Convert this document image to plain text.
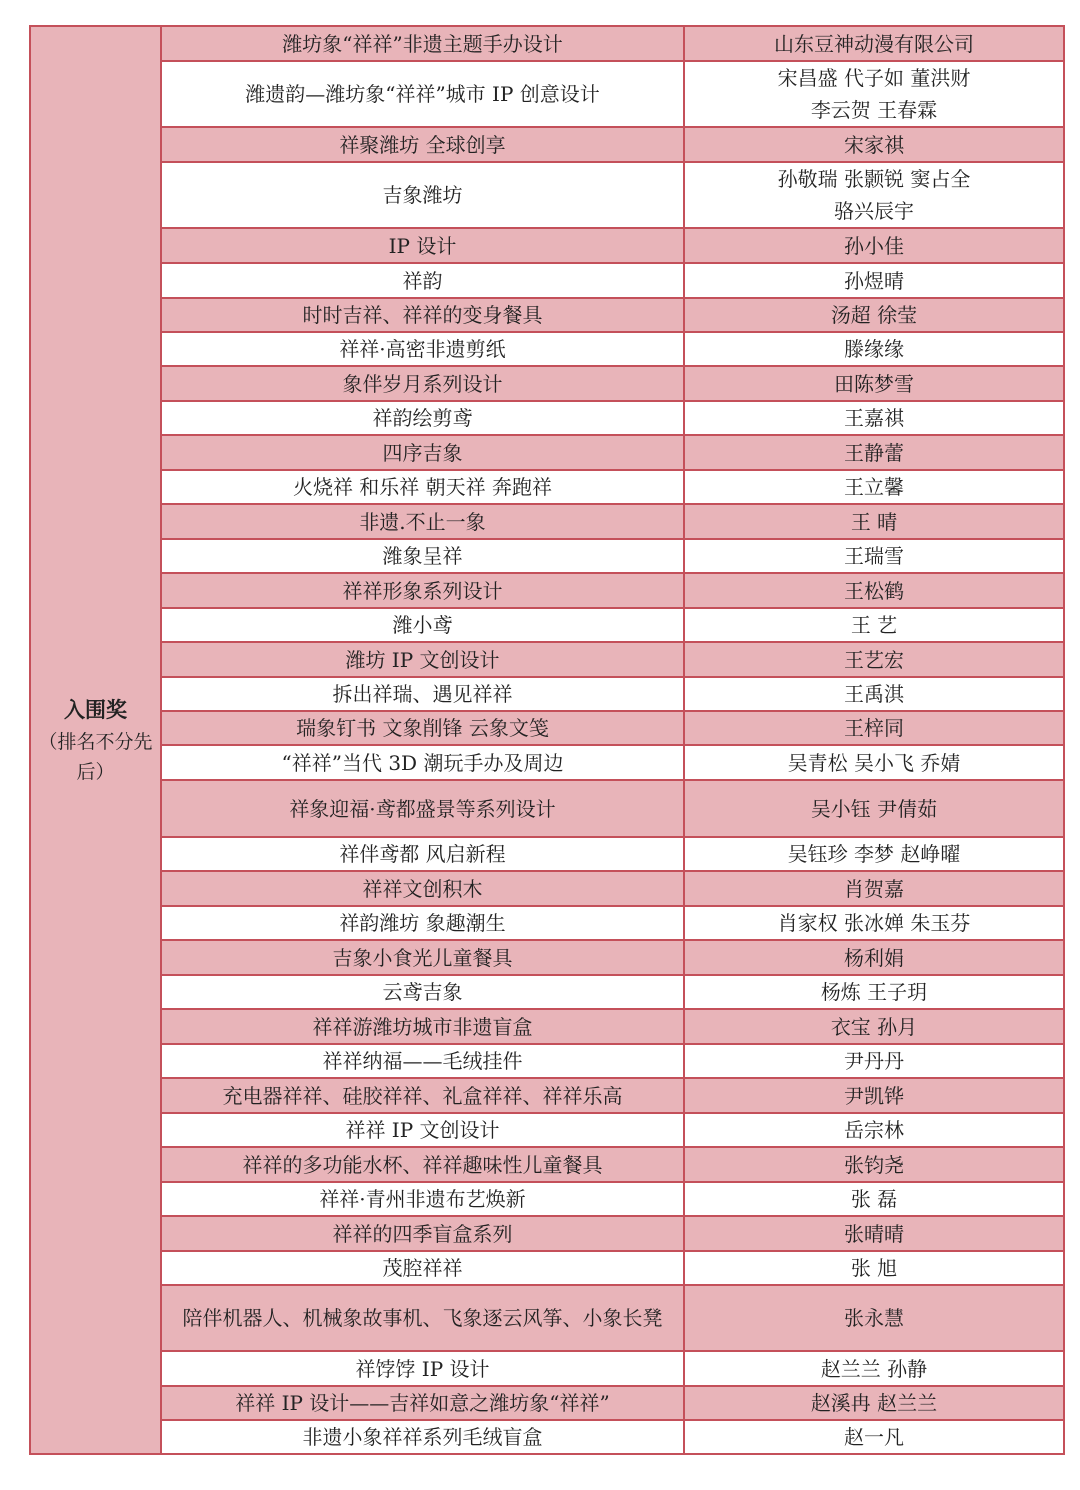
入围奖
（排名不分先后）	潍坊象“祥祥”非遗主题手办设计	山东豆神动漫有限公司
	潍遗韵—潍坊象“祥祥”城市 IP 创意设计	宋昌盛 代子如 董洪财
李云贺 王春霖
	祥聚潍坊 全球创享	宋家祺
	吉象潍坊	孙敬瑞 张颢锐 窦占全
骆兴辰宇
	IP 设计	孙小佳
	祥韵	孙煜晴
	时时吉祥、祥祥的变身餐具	汤超 徐莹
	祥祥·高密非遗剪纸	滕缘缘
	象伴岁月系列设计	田陈梦雪
	祥韵绘剪鸢	王嘉祺
	四序吉象	王静蕾
	火烧祥 和乐祥 朝天祥 奔跑祥	王立馨
	非遗.不止一象	王 晴
	潍象呈祥	王瑞雪
	祥祥形象系列设计	王松鹤
	潍小鸢	王 艺
	潍坊 IP 文创设计	王艺宏
	拆出祥瑞、遇见祥祥	王禹淇
	瑞象钉书 文象削锋 云象文笺	王梓同
	“祥祥”当代 3D 潮玩手办及周边	吴青松 吴小飞 乔婧
	祥象迎福·鸢都盛景等系列设计	吴小钰 尹倩茹
	祥伴鸢都 风启新程	吴钰珍 李梦 赵峥曜
	祥祥文创积木	肖贺嘉
	祥韵潍坊 象趣潮生	肖家权 张冰婵 朱玉芬
	吉象小食光儿童餐具	杨利娟
	云鸢吉象	杨炼 王子玥
	祥祥游潍坊城市非遗盲盒	衣宝 孙月
	祥祥纳福——毛绒挂件	尹丹丹
	充电器祥祥、硅胶祥祥、礼盒祥祥、祥祥乐高	尹凯铧
	祥祥 IP 文创设计	岳宗林
	祥祥的多功能水杯、祥祥趣味性儿童餐具	张钧尧
	祥祥·青州非遗布艺焕新	张 磊
	祥祥的四季盲盒系列	张晴晴
	茂腔祥祥	张 旭
	陪伴机器人、机械象故事机、飞象逐云风筝、小象长凳	张永慧
	祥饽饽 IP 设计	赵兰兰 孙静
	祥祥 IP 设计——吉祥如意之潍坊象“祥祥”	赵溪冉 赵兰兰
	非遗小象祥祥系列毛绒盲盒	赵一凡
